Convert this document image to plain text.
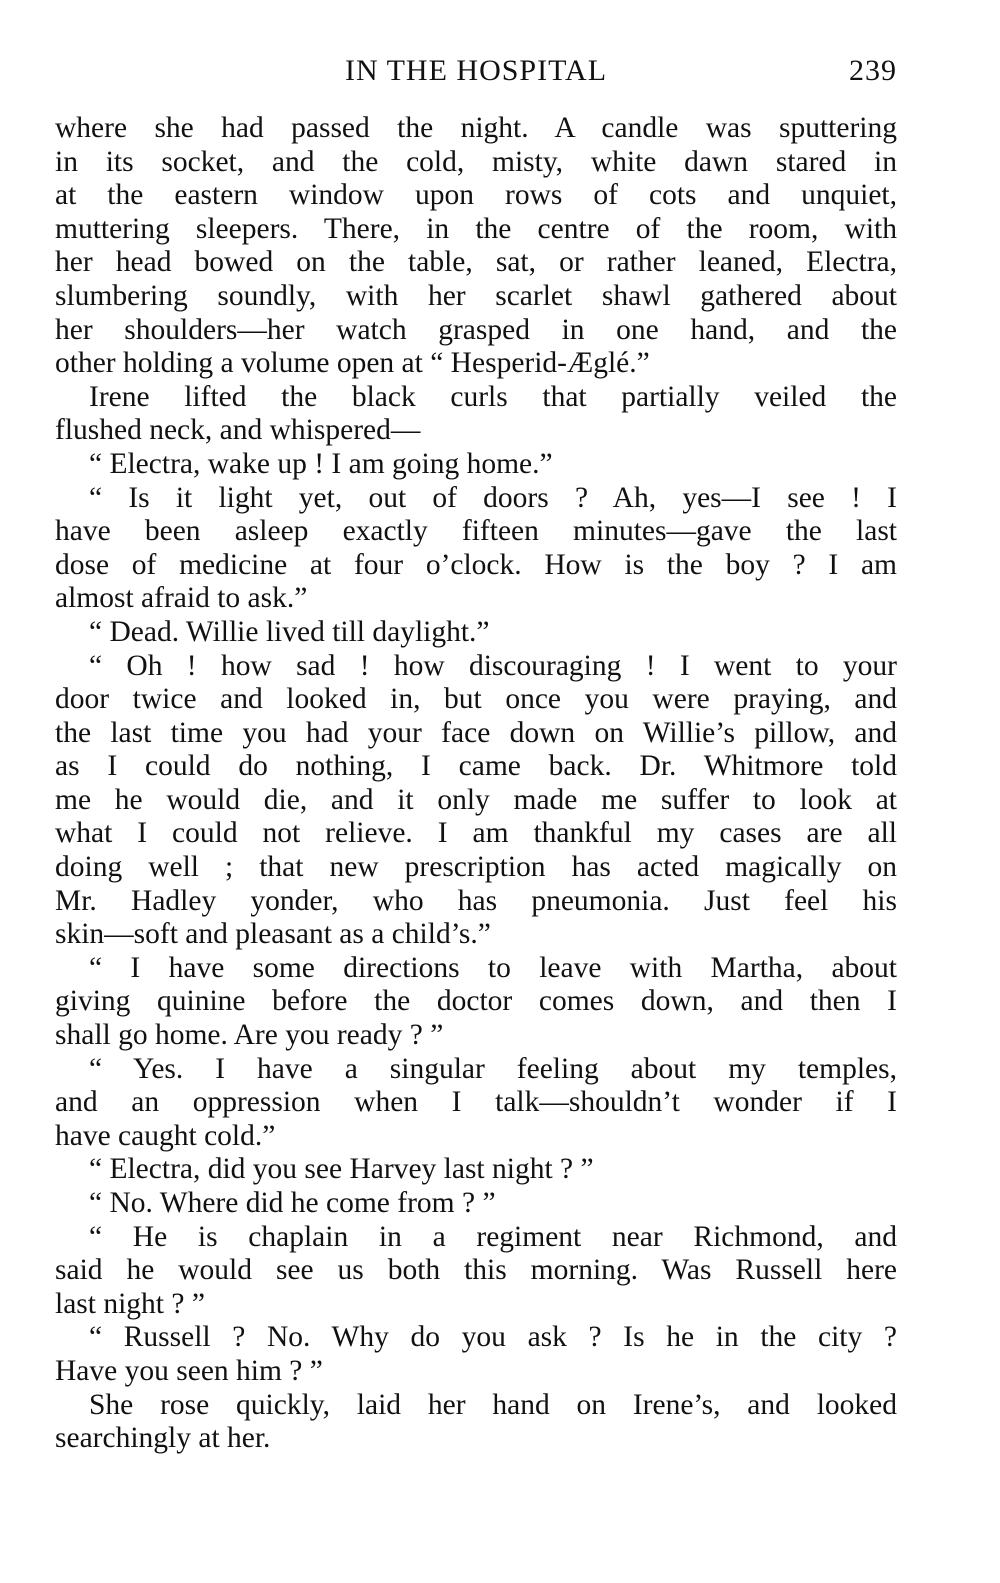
IN THE HOSPITAL	239
where she had passed the night. A candle was sputtering
in its socket, and the cold, misty, white dawn stared in
at the eastern window upon rows of cots and unquiet,
muttering sleepers. There, in the centre of the room, with
her head bowed on the table, sat, or rather leaned, Electra,
slumbering soundly, with her scarlet shawl gathered about
her shoulders—her watch grasped in one hand, and the
other holding a volume open at “ Hesperid-Æglé.”
Irene lifted the black curls that partially veiled the
flushed neck, and whispered—
“ Electra, wake up ! I am going home.”
“ Is it light yet, out of doors ? Ah, yes—I see ! I
have been asleep exactly fifteen minutes—gave the last
dose of medicine at four o’clock. How is the boy ? I am
almost afraid to ask.”
“ Dead. Willie lived till daylight.”
“ Oh ! how sad ! how discouraging ! I went to your
door twice and looked in, but once you were praying, and
the last time you had your face down on Willie’s pillow, and
as I could do nothing, I came back. Dr. Whitmore told
me he would die, and it only made me suffer to look at
what I could not relieve. I am thankful my cases are all
doing well ; that new prescription has acted magically on
Mr. Hadley yonder, who has pneumonia. Just feel his
skin—soft and pleasant as a child’s.”
“ I have some directions to leave with Martha, about
giving quinine before the doctor comes down, and then I
shall go home. Are you ready ? ”
“ Yes. I have a singular feeling about my temples,
and an oppression when I talk—shouldn’t wonder if I
have caught cold.”
“ Electra, did you see Harvey last night ? ”
“ No. Where did he come from ? ”
“ He is chaplain in a regiment near Richmond, and
said he would see us both this morning. Was Russell here
last night ? ”
“ Russell ? No. Why do you ask ? Is he in the city ?
Have you seen him ? ”
She rose quickly, laid her hand on Irene’s, and looked
searchingly at her.
